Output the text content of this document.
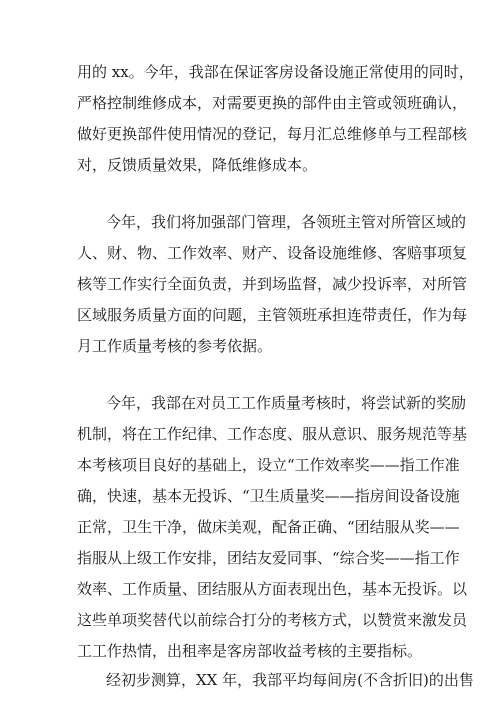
用的 xx。今年，我部在保证客房设备设施正常使用的同时，

严格控制维修成本，对需要更换的部件由主管或领班确认，

做好更换部件使用情况的登记，每月汇总维修单与工程部核

对，反馈质量效果，降低维修成本。

今年，我们将加强部门管理，各领班主管对所管区域的

人、财、物、工作效率、财产、设备设施维修、客赔事项复

核等工作实行全面负责，并到场监督，减少投诉率，对所管

区域服务质量方面的问题，主管领班承担连带责任，作为每

月工作质量考核的参考依据。

今年，我部在对员工工作质量考核时，将尝试新的奖励

机制，将在工作纪律、工作态度、服从意识、服务规范等基

本考核项目良好的基础上，设立“工作效率奖——指工作准

确，快速，基本无投诉、“卫生质量奖——指房间设备设施

正常，卫生干净，做床美观，配备正确、“团结服从奖——

指服从上级工作安排，团结友爱同事、“综合奖——指工作

效率、工作质量、团结服从方面表现出色，基本无投诉。以

这些单项奖替代以前综合打分的考核方式，以赞赏来激发员

工工作热情，出租率是客房部收益考核的主要指标。

经初步测算，XX 年，我部平均每间房(不含折旧)的出售
